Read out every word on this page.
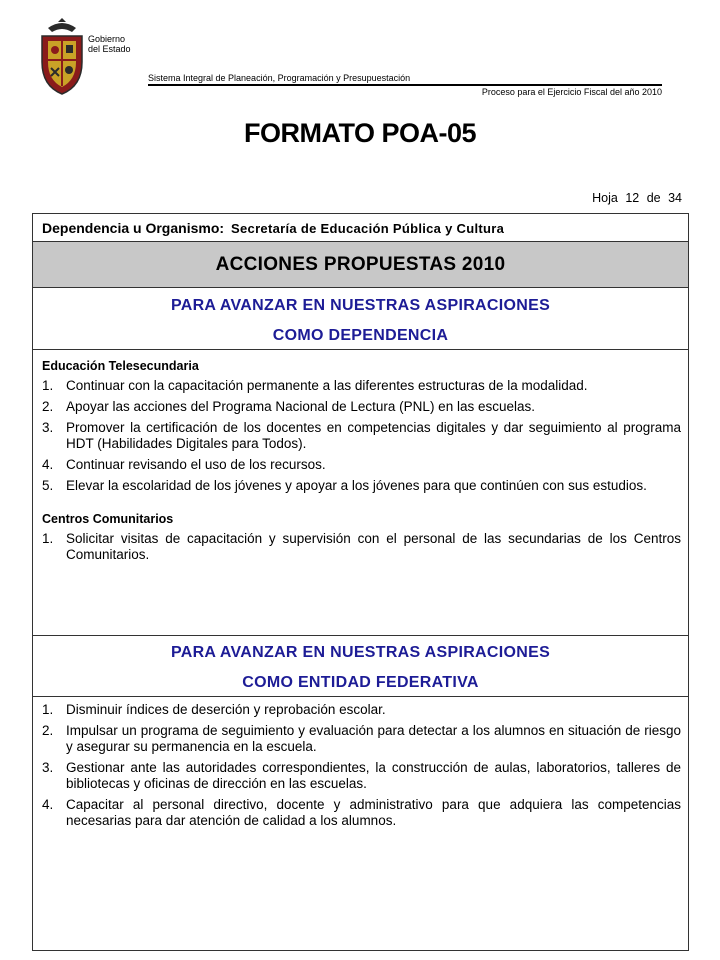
Gobierno
del Estado
Sistema Integral de Planeación, Programación y Presupuestación
Proceso para el Ejercicio Fiscal del año 2010
FORMATO POA-05
Hoja 12 de 34
Dependencia u Organismo: Secretaría de Educación Pública y Cultura
ACCIONES PROPUESTAS 2010
PARA AVANZAR EN NUESTRAS ASPIRACIONES
COMO DEPENDENCIA
Educación Telesecundaria
1. Continuar con la capacitación permanente a las diferentes estructuras de la modalidad.
2. Apoyar las acciones del Programa Nacional de Lectura (PNL) en las escuelas.
3. Promover la certificación de los docentes en competencias digitales y dar seguimiento al programa HDT (Habilidades Digitales para Todos).
4. Continuar revisando el uso de los recursos.
5. Elevar la escolaridad de los jóvenes y apoyar a los jóvenes para que continúen con sus estudios.
Centros Comunitarios
1. Solicitar visitas de capacitación y supervisión con el personal de las secundarias de los Centros Comunitarios.
PARA AVANZAR EN NUESTRAS ASPIRACIONES
COMO ENTIDAD FEDERATIVA
1. Disminuir índices de deserción y reprobación escolar.
2. Impulsar un programa de seguimiento y evaluación para detectar a los alumnos en situación de riesgo y asegurar su permanencia en la escuela.
3. Gestionar ante las autoridades correspondientes, la construcción de aulas, laboratorios, talleres de bibliotecas y oficinas de dirección en las escuelas.
4. Capacitar al personal directivo, docente y administrativo para que adquiera las competencias necesarias para dar atención de calidad a los alumnos.
